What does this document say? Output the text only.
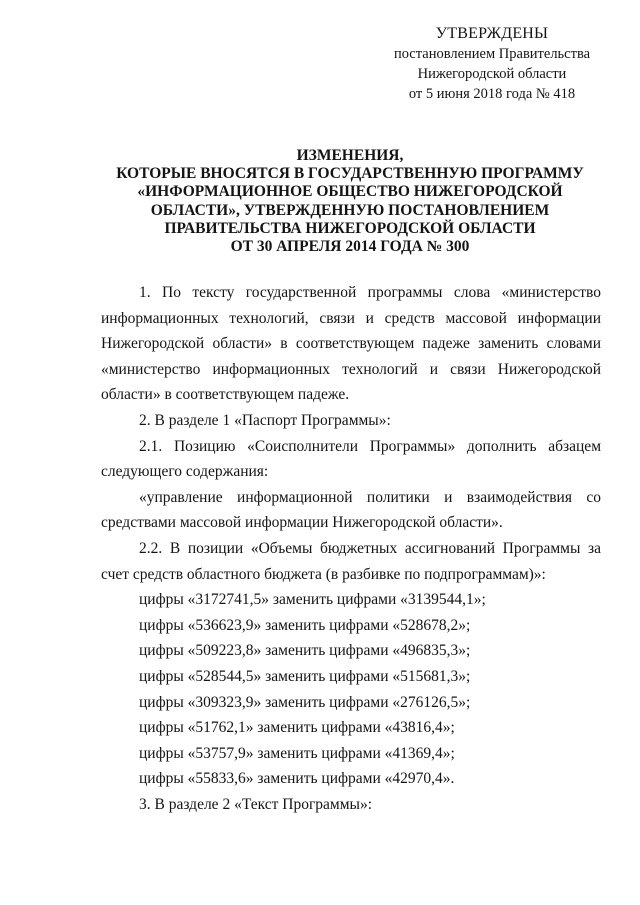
УТВЕРЖДЕНЫ
постановлением Правительства
Нижегородской области
от 5 июня 2018 года № 418
ИЗМЕНЕНИЯ,
КОТОРЫЕ ВНОСЯТСЯ В ГОСУДАРСТВЕННУЮ ПРОГРАММУ
«ИНФОРМАЦИОННОЕ ОБЩЕСТВО НИЖЕГОРОДСКОЙ
ОБЛАСТИ», УТВЕРЖДЕННУЮ ПОСТАНОВЛЕНИЕМ
ПРАВИТЕЛЬСТВА НИЖЕГОРОДСКОЙ ОБЛАСТИ
ОТ 30 АПРЕЛЯ 2014 ГОДА № 300

1. По тексту государственной программы слова «министерство информационных технологий, связи и средств массовой информации Нижегородской области» в соответствующем падеже заменить словами «министерство информационных технологий и связи Нижегородской области» в соответствующем падеже.

2. В разделе 1 «Паспорт Программы»:

2.1. Позицию «Соисполнители Программы» дополнить абзацем следующего содержания:

«управление информационной политики и взаимодействия со средствами массовой информации Нижегородской области».

2.2. В позиции «Объемы бюджетных ассигнований Программы за счет средств областного бюджета (в разбивке по подпрограммам)»:

цифры «3172741,5» заменить цифрами «3139544,1»;

цифры «536623,9» заменить цифрами «528678,2»;

цифры «509223,8» заменить цифрами «496835,3»;

цифры «528544,5» заменить цифрами «515681,3»;

цифры «309323,9» заменить цифрами «276126,5»;

цифры «51762,1» заменить цифрами «43816,4»;

цифры «53757,9» заменить цифрами «41369,4»;

цифры «55833,6» заменить цифрами «42970,4».

3. В разделе 2 «Текст Программы»:
